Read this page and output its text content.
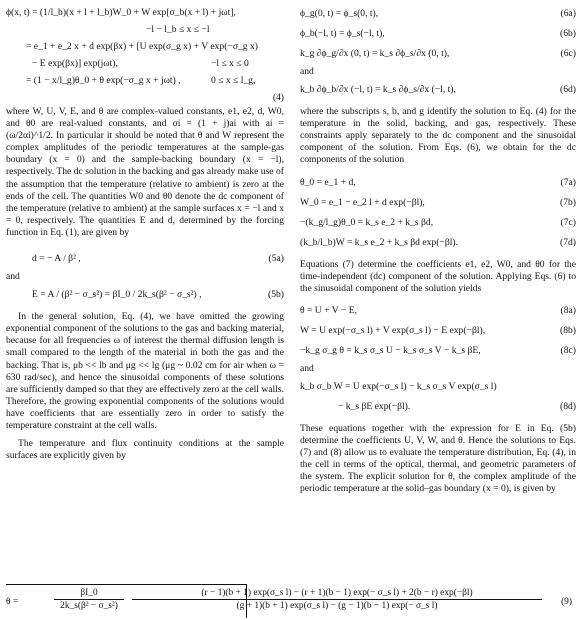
ϕ(x, t) = (1/l_b)(x + l + l_b)W_0 + W exp[σ_b(x + l) + jωt],
−l − l_b ≤ x ≤ −l
= e_1 + e_2 x + d exp(βx) + [U exp(σ_g x) + V exp(−σ_g x)
− E exp(βx)] exp(jωt),	−l ≤ x ≤ 0
= (1 − x/l_g)θ_0 + θ exp(−σ_g x + jωt) ,	0 ≤ x ≤ l_g,
(4)

where W, U, V, E, and θ are complex-valued constants, e1, e2, d, W0, and θ0 are real-valued constants, and σi = (1 + j)ai with ai = (ω/2αi)^1/2. In particular it should be noted that θ and W represent the complex amplitudes of the periodic temperatures at the sample-gas boundary (x = 0) and the sample-backing boundary (x = −l), respectively. The dc solution in the backing and gas already make use of the assumption that the temperature (relative to ambient) is zero at the ends of the cell. The quantities W0 and θ0 denote the dc component of the temperature (relative to ambient) at the sample surfaces x = −l and x = 0, respectively. The quantities E and d, determined by the forcing function in Eq. (1), are given by

d = − A / β² ,	(5a)

and

E = A / (β² − σ_s²) = βI_0 / 2k_s(β² − σ_s²) ,	(5b)

In the general solution, Eq. (4), we have omitted the growing exponential component of the solutions to the gas and backing material, because for all frequencies ω of interest the thermal diffusion length is small compared to the length of the material in both the gas and the backing. That is, μb << lb and μg << lg (μg ~ 0.02 cm for air when ω = 630 rad/sec), and hence the sinusoidal components of these solutions are sufficiently damped so that they are effectively zero at the cell walls. Therefore, the growing exponential components of the solutions would have coefficients that are essentially zero in order to satisfy the temperature constraint at the cell walls.

The temperature and flux continuity conditions at the sample surfaces are explicitly given by

ϕ_g(0, t) = ϕ_s(0, t),	(6a)
ϕ_b(−l, t) = ϕ_s(−l, t),	(6b)
k_g ∂ϕ_g/∂x (0, t) = k_s ∂ϕ_s/∂x (0, t),	(6c)

and

k_b ∂ϕ_b/∂x (−l, t) = k_s ∂ϕ_s/∂x (−l, t),	(6d)

where the subscripts s, b, and g identify the solution to Eq. (4) for the temperature in the solid, backing, and gas, respectively. These constraints apply separately to the dc component and the sinusoidal component of the solution. From Eqs. (6), we obtain for the dc components of the solution

θ_0 = e_1 + d,	(7a)
W_0 = e_1 − e_2 l + d exp(−βl),	(7b)
−(k_g/l_g)θ_0 = k_s e_2 + k_s βd,	(7c)
(k_b/l_b)W = k_s e_2 + k_s βd exp(−βl).	(7d)

Equations (7) determine the coefficients e1, e2, W0, and θ0 for the time-independent (dc) component of the solution. Applying Eqs. (6) to the sinusoidal component of the solution yields

θ = U + V − E,	(8a)
W = U exp(−σ_s l) + V exp(σ_s l) − E exp(−βl),	(8b)
−k_g σ_g θ = k_s σ_s U − k_s σ_s V − k_s βE,	(8c)

and

k_b σ_b W = U exp(−σ_s l) − k_s σ_s V exp(σ_s l)
− k_s βE exp(−βl).	(8d)

These equations together with the expression for E in Eq. (5b) determine the coefficients U, V, W, and θ. Hence the solutions to Eqs. (7) and (8) allow us to evaluate the temperature distribution, Eq. (4), in the cell in terms of the optical, thermal, and geometric parameters of the system. The explicit solution for θ, the complex amplitude of the periodic temperature at the solid–gas boundary (x = 0), is given by

θ =
βI_0
2k_s(β² − σ_s²)
(r − 1)(b + 1) exp(σ_s l) − (r + 1)(b − 1) exp(− σ_s l) + 2(b − r) exp(−βl)
(g + 1)(b + 1) exp(σ_s l) − (g − 1)(b − 1) exp(− σ_s l)	(9)
